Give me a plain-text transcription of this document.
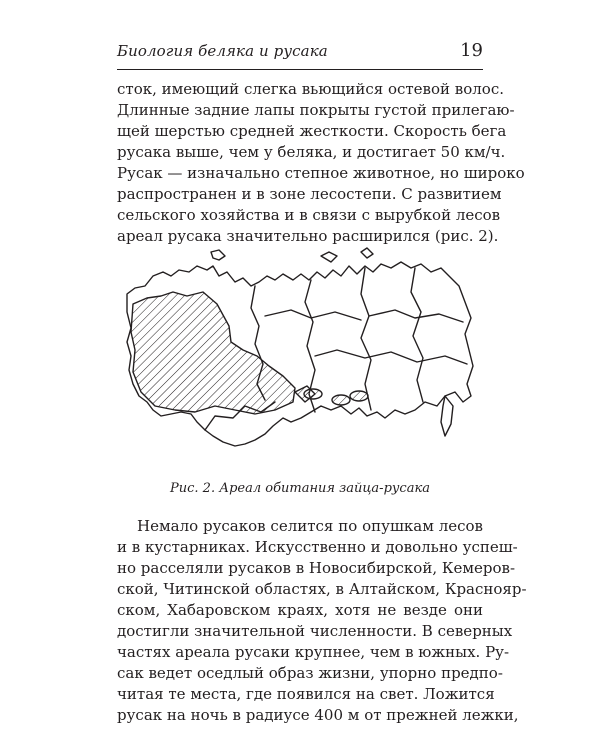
Биология беляка и русака	19
сток, имеющий слегка вьющийся остевой волос.
Длинные задние лапы покрыты густой прилегаю-
щей шерстью средней жесткости. Скорость бега
русака выше, чем у беляка, и достигает 50 км/ч.
Русак — изначально степное животное, но широко
распространен и в зоне лесостепи. С развитием
сельского хозяйства и в связи с вырубкой лесов
ареал русака значительно расширился (рис. 2).
Рис. 2. Ареал обитания зайца-русака
Немало русаков селится по опушкам лесов
и в кустарниках. Искусственно и довольно успеш-
но расселяли русаков в Новосибирской, Кемеров-
ской, Читинской областях, в Алтайском, Краснояр-
ском, Хабаровском краях, хотя не везде они
достигли значительной численности. В северных
частях ареала русаки крупнее, чем в южных. Ру-
сак ведет оседлый образ жизни, упорно предпо-
читая те места, где появился на свет. Ложится
русак на ночь в радиусе 400 м от прежней лежки,
